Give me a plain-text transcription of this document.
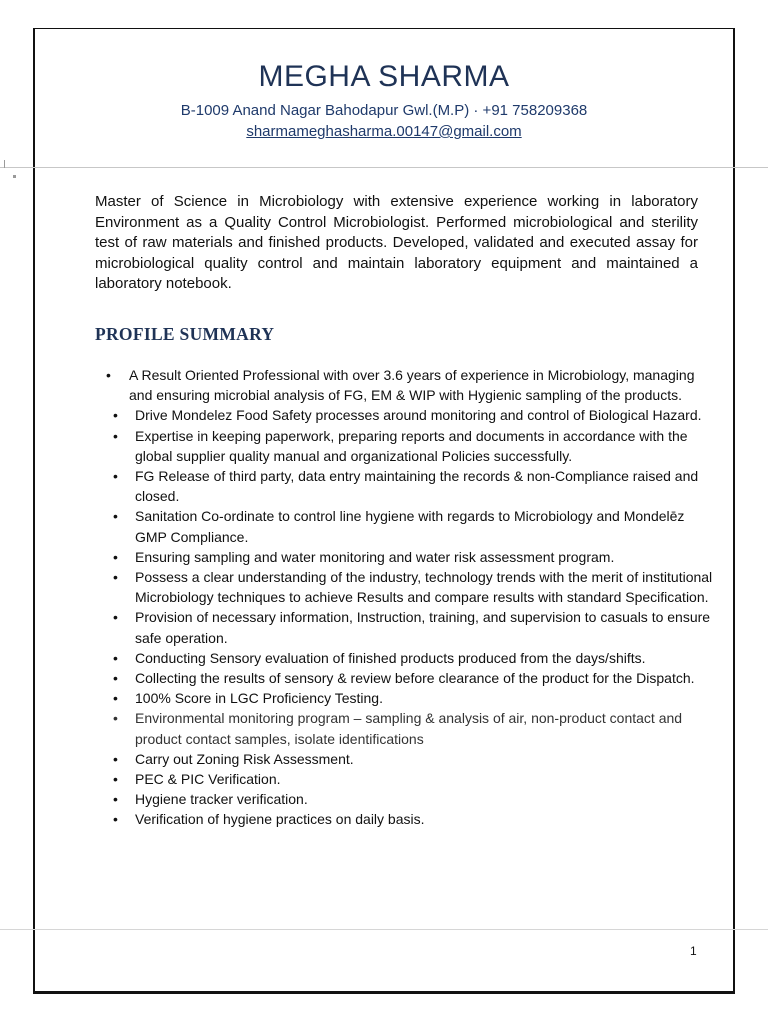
MEGHA SHARMA
B-1009 Anand Nagar Bahodapur Gwl.(M.P) · +91 758209368
sharmameghasharma.00147@gmail.com
Master of Science in Microbiology with extensive experience working in laboratory Environment as a Quality Control Microbiologist. Performed microbiological and sterility test of raw materials and finished products. Developed, validated and executed assay for microbiological quality control and maintain laboratory equipment and maintained a laboratory notebook.
PROFILE SUMMARY
• A Result Oriented Professional with over 3.6 years of experience in Microbiology, managing and ensuring microbial analysis of FG, EM & WIP with Hygienic sampling of the products.
• Drive Mondelez Food Safety processes around monitoring and control of Biological Hazard.
• Expertise in keeping paperwork, preparing reports and documents in accordance with the global supplier quality manual and organizational Policies successfully.
• FG Release of third party, data entry maintaining the records & non-Compliance raised and closed.
• Sanitation Co-ordinate to control line hygiene with regards to Microbiology and Mondelēz GMP Compliance.
• Ensuring sampling and water monitoring and water risk assessment program.
• Possess a clear understanding of the industry, technology trends with the merit of institutional Microbiology techniques to achieve Results and compare results with standard Specification.
• Provision of necessary information, Instruction, training, and supervision to casuals to ensure safe operation.
• Conducting Sensory evaluation of finished products produced from the days/shifts.
• Collecting the results of sensory & review before clearance of the product for the Dispatch.
• 100% Score in LGC Proficiency Testing.
• Environmental monitoring program – sampling & analysis of air, non-product contact and product contact samples, isolate identifications
• Carry out Zoning Risk Assessment.
• PEC & PIC Verification.
• Hygiene tracker verification.
• Verification of hygiene practices on daily basis.
1
